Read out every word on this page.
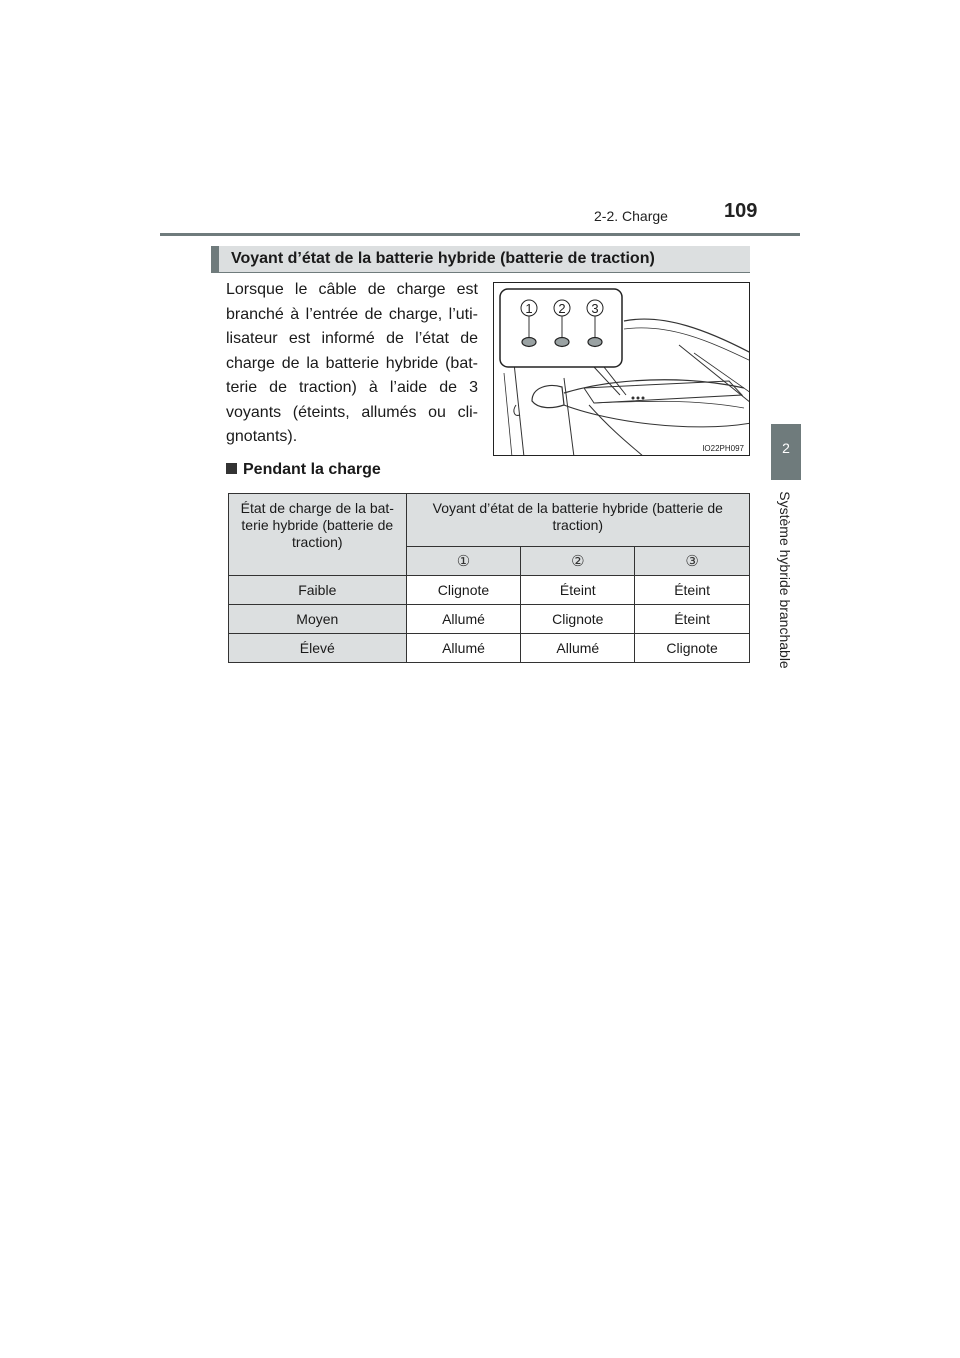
2-2. Charge	109
2
Système hybride branchable
Voyant d’état de la batterie hybride (batterie de traction)
Lorsque le câble de charge est branché à l’entrée de charge, l’uti-lisateur est informé de l’état de charge de la batterie hybride (bat-terie de traction) à l’aide de 3 voyants (éteints, allumés ou cli-gnotants).
1 2 3
IO22PH097
Pendant la charge
État de charge de la bat-terie hybride (batterie de traction)	Voyant d’état de la batterie hybride (batterie de traction)		
	①	②	③
Faible	Clignote	Éteint	Éteint
Moyen	Allumé	Clignote	Éteint
Élevé	Allumé	Allumé	Clignote
